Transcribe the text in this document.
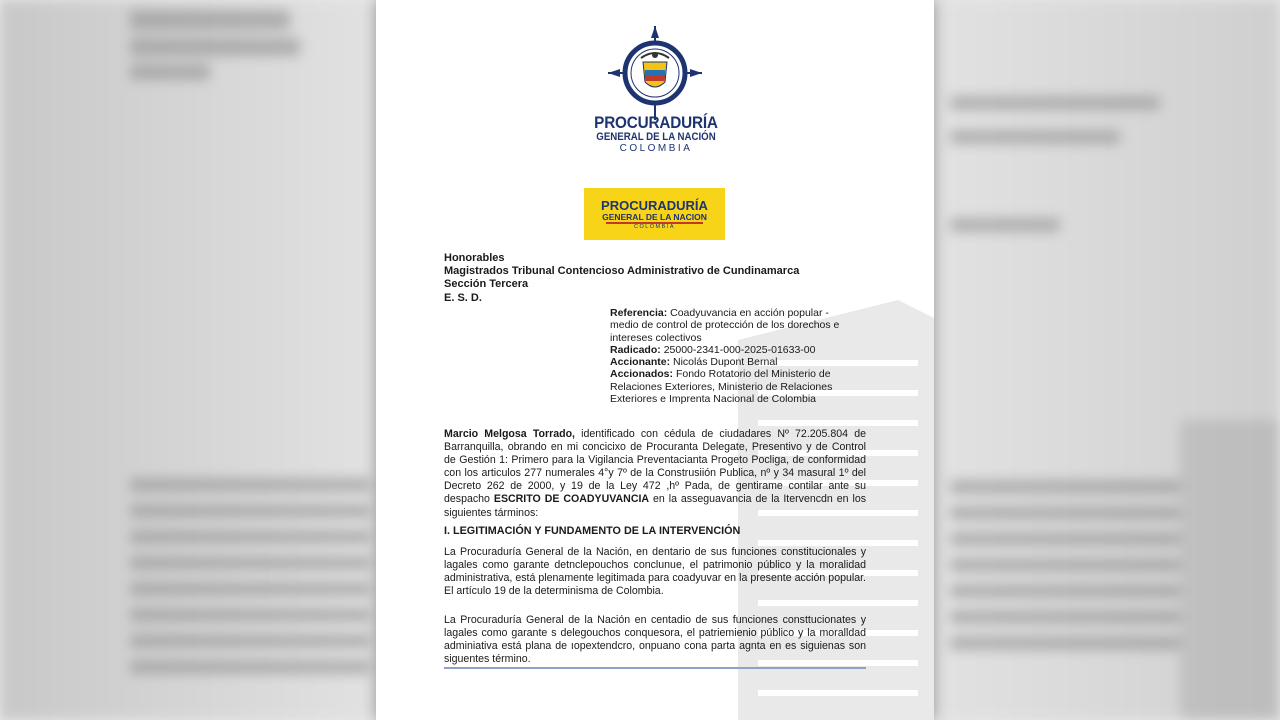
PROCURADURÍA
GENERAL DE LA NACIÓN
COLOMBIA
PROCURADURÍA
GENERAL DE LA NACION
COLOMBIA
Honorables
Magistrados Tribunal Contencioso Administrativo de Cundinamarca
Sección Tercera
E. S. D.

Referencia: Coadyuvancia en acción popular - medio de control de protección de los dorechos e intereses colectivos

Radicado: 25000-2341-000-2025-01633-00

Accionante: Nicolás Dupont Bernal

Accionados: Fondo Rotatorio del Ministerio de Relaciones Exteriores, Ministerio de Relaciones Exteriores e Imprenta Nacional de Colombia

Marcio Melgosa Torrado, identificado con cédula de ciudadares Nº 72.205.804 de Barranquilla, obrando en mi concicixo de Procuranta Delegate, Presentivo y de Control de Gestión 1: Primero para la Vigilancia Preventacianta Progeto Pocliga, de conformidad con los articulos 277 numerales 4°y 7º de la Construsiión Publica, nº y 34 masural 1º del Decreto 262 de 2000, y 19 de la Ley 472 ,hº Pada, de gentirame contilar ante su despacho ESCRITO DE COADYUVANCIA en la asseguavancia de la Itervencdn en los siguientes tárminos:
I. LEGITIMACIÓN Y FUNDAMENTO DE LA INTERVENCIÓN
La Procuraduría General de la Nación, en dentario de sus funciones constitucionales y lagales como garante detnclepouchos conclunue, el patrimonio público y la moralidad administrativa, está plenamente legitimada para coadyuvar en la presente acción popular. El artículo 19 de la determinisma de Colombia.
La Procuraduría General de la Nación en centadio de sus funciones consttucionates y lagales como garante s delegouchos conquesora, el patriemienio público y la moralldad adminiativa está plana de ıopextendcro, onpuano cona parta agnta en es siguienas son siguentes término.
